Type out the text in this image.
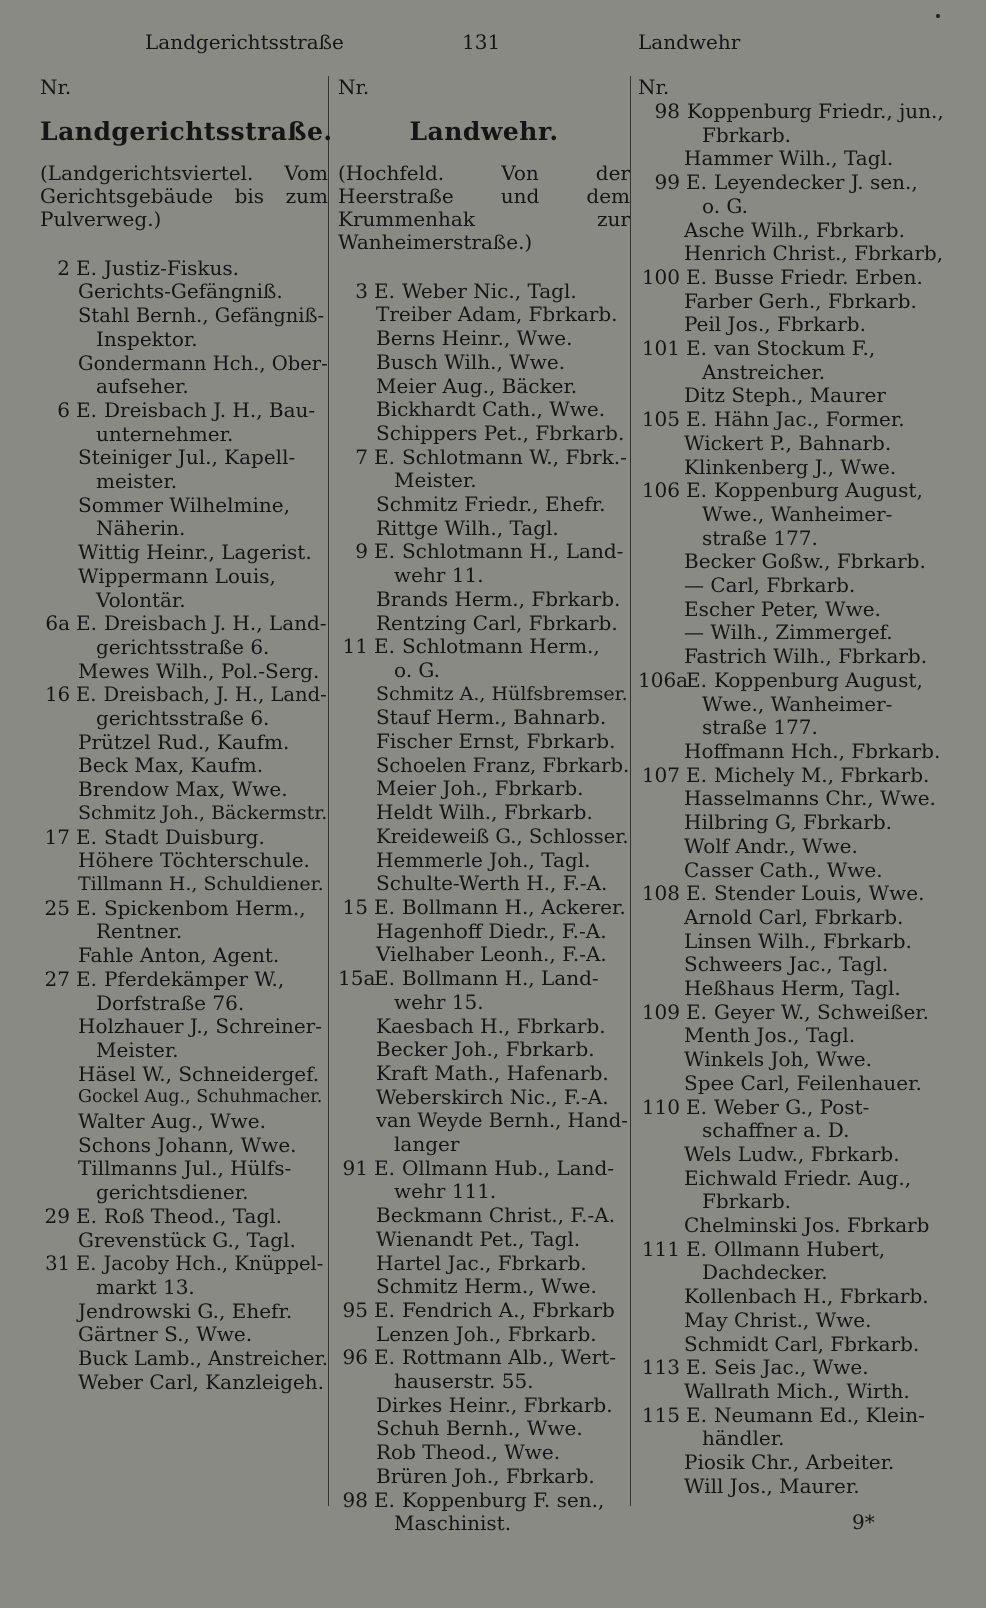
Landgerichtsstraße	131	Landwehr
Nr.
Landgerichtsstraße.
(Landgerichtsviertel. Vom Gerichtsgebäude bis zum Pulverweg.)
2 E. Justiz-Fiskus.
Gerichts-Gefängniß.
Stahl Bernh., Gefängniß-
Inspektor.
Gondermann Hch., Ober-
aufseher.
6 E. Dreisbach J. H., Bau-
unternehmer.
Steiniger Jul., Kapell-
meister.
Sommer Wilhelmine,
Näherin.
Wittig Heinr., Lagerist.
Wippermann Louis,
Volontär.
6a E. Dreisbach J. H., Land-
gerichtsstraße 6.
Mewes Wilh., Pol.-Serg.
16 E. Dreisbach, J. H., Land-
gerichtsstraße 6.
Prützel Rud., Kaufm.
Beck Max, Kaufm.
Brendow Max, Wwe.
Schmitz Joh., Bäckermstr.
17 E. Stadt Duisburg.
Höhere Töchterschule.
Tillmann H., Schuldiener.
25 E. Spickenbom Herm.,
Rentner.
Fahle Anton, Agent.
27 E. Pferdekämper W.,
Dorfstraße 76.
Holzhauer J., Schreiner-
Meister.
Häsel W., Schneidergef.
Gockel Aug., Schuhmacher.
Walter Aug., Wwe.
Schons Johann, Wwe.
Tillmanns Jul., Hülfs-
gerichtsdiener.
29 E. Roß Theod., Tagl.
Grevenstück G., Tagl.
31 E. Jacoby Hch., Knüppel-
markt 13.
Jendrowski G., Ehefr.
Gärtner S., Wwe.
Buck Lamb., Anstreicher.
Weber Carl, Kanzleigeh.
Nr.
Landwehr.
(Hochfeld. Von der Heerstraße und dem Krummenhak zur Wanheimerstraße.)
3 E. Weber Nic., Tagl.
Treiber Adam, Fbrkarb.
Berns Heinr., Wwe.
Busch Wilh., Wwe.
Meier Aug., Bäcker.
Bickhardt Cath., Wwe.
Schippers Pet., Fbrkarb.
7 E. Schlotmann W., Fbrk.-
Meister.
Schmitz Friedr., Ehefr.
Rittge Wilh., Tagl.
9 E. Schlotmann H., Land-
wehr 11.
Brands Herm., Fbrkarb.
Rentzing Carl, Fbrkarb.
11 E. Schlotmann Herm.,
o. G.
Schmitz A., Hülfsbremser.
Stauf Herm., Bahnarb.
Fischer Ernst, Fbrkarb.
Schoelen Franz, Fbrkarb.
Meier Joh., Fbrkarb.
Heldt Wilh., Fbrkarb.
Kreideweiß G., Schlosser.
Hemmerle Joh., Tagl.
Schulte-Werth H., F.-A.
15 E. Bollmann H., Ackerer.
Hagenhoff Diedr., F.-A.
Vielhaber Leonh., F.-A.
15aE. Bollmann H., Land-
wehr 15.
Kaesbach H., Fbrkarb.
Becker Joh., Fbrkarb.
Kraft Math., Hafenarb.
Weberskirch Nic., F.-A.
van Weyde Bernh., Hand-
langer
91 E. Ollmann Hub., Land-
wehr 111.
Beckmann Christ., F.-A.
Wienandt Pet., Tagl.
Hartel Jac., Fbrkarb.
Schmitz Herm., Wwe.
95 E. Fendrich A., Fbrkarb
Lenzen Joh., Fbrkarb.
96 E. Rottmann Alb., Wert-
hauserstr. 55.
Dirkes Heinr., Fbrkarb.
Schuh Bernh., Wwe.
Rob Theod., Wwe.
Brüren Joh., Fbrkarb.
98 E. Koppenburg F. sen.,
Maschinist.
Nr.
98 Koppenburg Friedr., jun.,
Fbrkarb.
Hammer Wilh., Tagl.
99 E. Leyendecker J. sen.,
o. G.
Asche Wilh., Fbrkarb.
Henrich Christ., Fbrkarb,
100 E. Busse Friedr. Erben.
Farber Gerh., Fbrkarb.
Peil Jos., Fbrkarb.
101 E. van Stockum F.,
Anstreicher.
Ditz Steph., Maurer
105 E. Hähn Jac., Former.
Wickert P., Bahnarb.
Klinkenberg J., Wwe.
106 E. Koppenburg August,
Wwe., Wanheimer-
straße 177.
Becker Goßw., Fbrkarb.
— Carl, Fbrkarb.
Escher Peter, Wwe.
— Wilh., Zimmergef.
Fastrich Wilh., Fbrkarb.
106aE. Koppenburg August,
Wwe., Wanheimer-
straße 177.
Hoffmann Hch., Fbrkarb.
107 E. Michely M., Fbrkarb.
Hasselmanns Chr., Wwe.
Hilbring G, Fbrkarb.
Wolf Andr., Wwe.
Casser Cath., Wwe.
108 E. Stender Louis, Wwe.
Arnold Carl, Fbrkarb.
Linsen Wilh., Fbrkarb.
Schweers Jac., Tagl.
Heßhaus Herm, Tagl.
109 E. Geyer W., Schweißer.
Menth Jos., Tagl.
Winkels Joh, Wwe.
Spee Carl, Feilenhauer.
110 E. Weber G., Post-
schaffner a. D.
Wels Ludw., Fbrkarb.
Eichwald Friedr. Aug.,
Fbrkarb.
Chelminski Jos. Fbrkarb
111 E. Ollmann Hubert,
Dachdecker.
Kollenbach H., Fbrkarb.
May Christ., Wwe.
Schmidt Carl, Fbrkarb.
113 E. Seis Jac., Wwe.
Wallrath Mich., Wirth.
115 E. Neumann Ed., Klein-
händler.
Piosik Chr., Arbeiter.
Will Jos., Maurer.
9*
